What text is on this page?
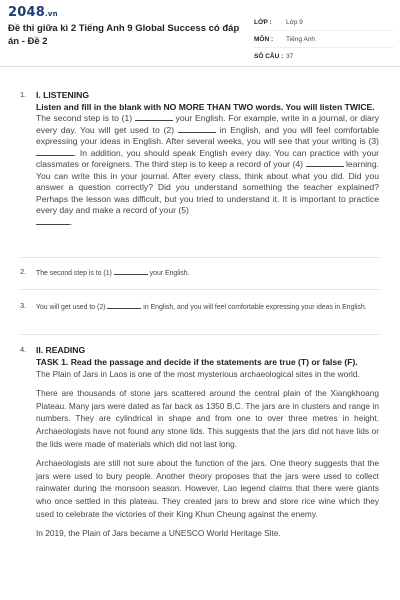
2048.vn
Đề thi giữa kì 2 Tiếng Anh 9 Global Success có đáp án - Đề 2
LỚP :	Lớp 9
MÔN :	Tiếng Anh
SỐ CÂU : 37
1. I. LISTENING
Listen and fill in the blank with NO MORE THAN TWO words. You will listen TWICE.

The second step is to (1)	your English. For example, write in a journal, or diary every day. You will get used to (2)	in English, and you will feel comfortable expressing your ideas in English. After several weeks, you will see that your writing is (3) . In addition, you should speak English every day. You can practice with your classmates or foreigners. The third step is to keep a record of your (4)	learning. You can write this in your journal. After every class, think about what you did. Did you answer a question correctly? Did you understand something the teacher explained? Perhaps the lesson was difficult, but you tried to understand it. It is important to practice every day and make a record of your (5)
.

2. The second step is to (1)	your English.

3. You will get used to (2)	in English, and you will feel comfortable expressing your ideas in English.

4. II. READING
TASK 1. Read the passage and decide if the statements are true (T) or false (F).

The Plain of Jars in Laos is one of the most mysterious archaeological sites in the world.

There are thousands of stone jars scattered around the central plain of the Xiangkhoang Plateau. Many jars were dated as far back as 1350 B.C. The jars are in clusters and range in numbers. They are cylindrical in shape and from one to over three metres in height. Archaeologists have not found any stone lids. This suggests that the jars did not have lids or the lids were made of materials which did not last long.

Archaeologists are still not sure about the function of the jars. One theory suggests that the jars were used to bury people. Another theory proposes that the jars were used to collect rainwater during the monsoon season. However, Lao legend claims that there were giants who once settled in this plateau. They created jars to brew and store rice wine which they used to celebrate the victories of their King Khun Cheung against the enemy.

In 2019, the Plain of Jars became a UNESCO World Heritage Site.
